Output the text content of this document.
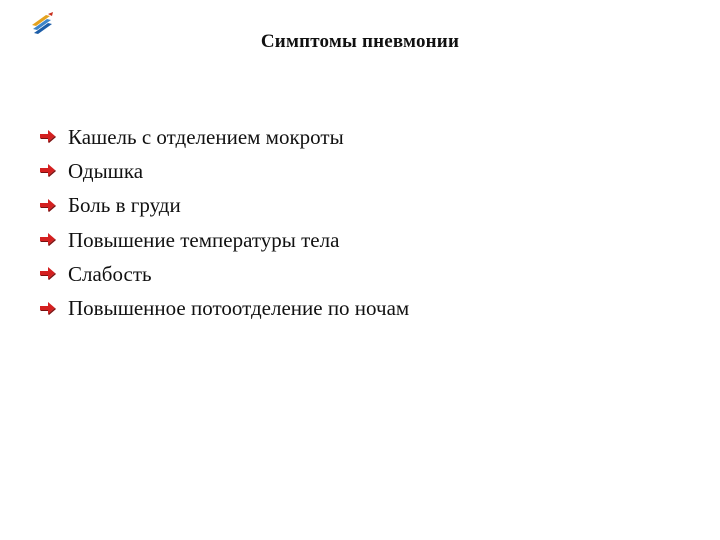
Симптомы пневмонии
Кашель с отделением мокроты
Одышка
Боль в груди
Повышение температуры тела
Слабость
Повышенное потоотделение по ночам
